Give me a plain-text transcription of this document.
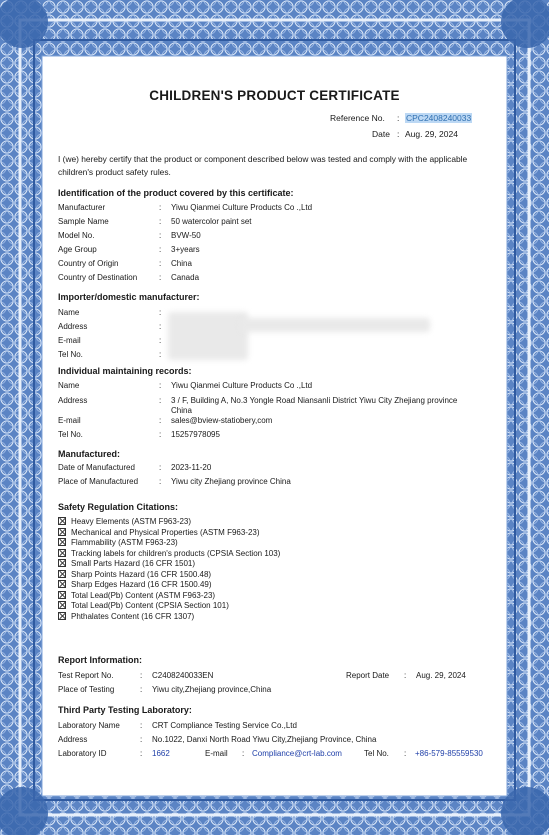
CHILDREN'S PRODUCT CERTIFICATE
Reference No. : CPC2408240033
Date : Aug. 29, 2024
I (we) hereby certify that the product or component described below was tested and comply with the applicable children's product safety rules.
Identification of the product covered by this certificate:
Manufacturer	: Yiwu Qianmei Culture Products Co .,Ltd
Sample Name	: 50 watercolor paint set
Model No.	: BVW-50
Age Group	: 3+years
Country of Origin	: China
Country of Destination	: Canada
Importer/domestic manufacturer:
Name	:
Address	:
E-mail	:
Tel No.	:
Individual maintaining records:
Name	: Yiwu Qianmei Culture Products Co .,Ltd
Address	: 3 / F, Building A, No.3 Yongle Road Niansanli District Yiwu City Zhejiang province
China
E-mail	: sales@bview-statiobery,com
Tel No.	: 15257978095
Manufactured:
Date of Manufactured	: 2023-11-20
Place of Manufactured	: Yiwu city Zhejiang province China
Safety Regulation Citations:
Heavy Elements (ASTM F963-23)
Mechanical and Physical Properties (ASTM F963-23)
Flammability (ASTM F963-23)
Tracking labels for children's products (CPSIA Section 103)
Small Parts Hazard (16 CFR 1501)
Sharp Points Hazard (16 CFR 1500.48)
Sharp Edges Hazard (16 CFR 1500.49)
Total Lead(Pb) Content (ASTM F963-23)
Total Lead(Pb) Content (CPSIA Section 101)
Phthalates Content (16 CFR 1307)
Report Information:
Test Report No.	: C2408240033EN	Report Date : Aug. 29, 2024
Place of Testing	: Yiwu city,Zhejiang province,China
Third Party Testing Laboratory:
Laboratory Name	: CRT Compliance Testing Service Co.,Ltd
Address	: No.1022, Danxi North Road Yiwu City,Zhejiang Province, China
Laboratory ID	: 1662	E-mail : Compliance@crt-lab.com	Tel No. : +86-579-85559530
